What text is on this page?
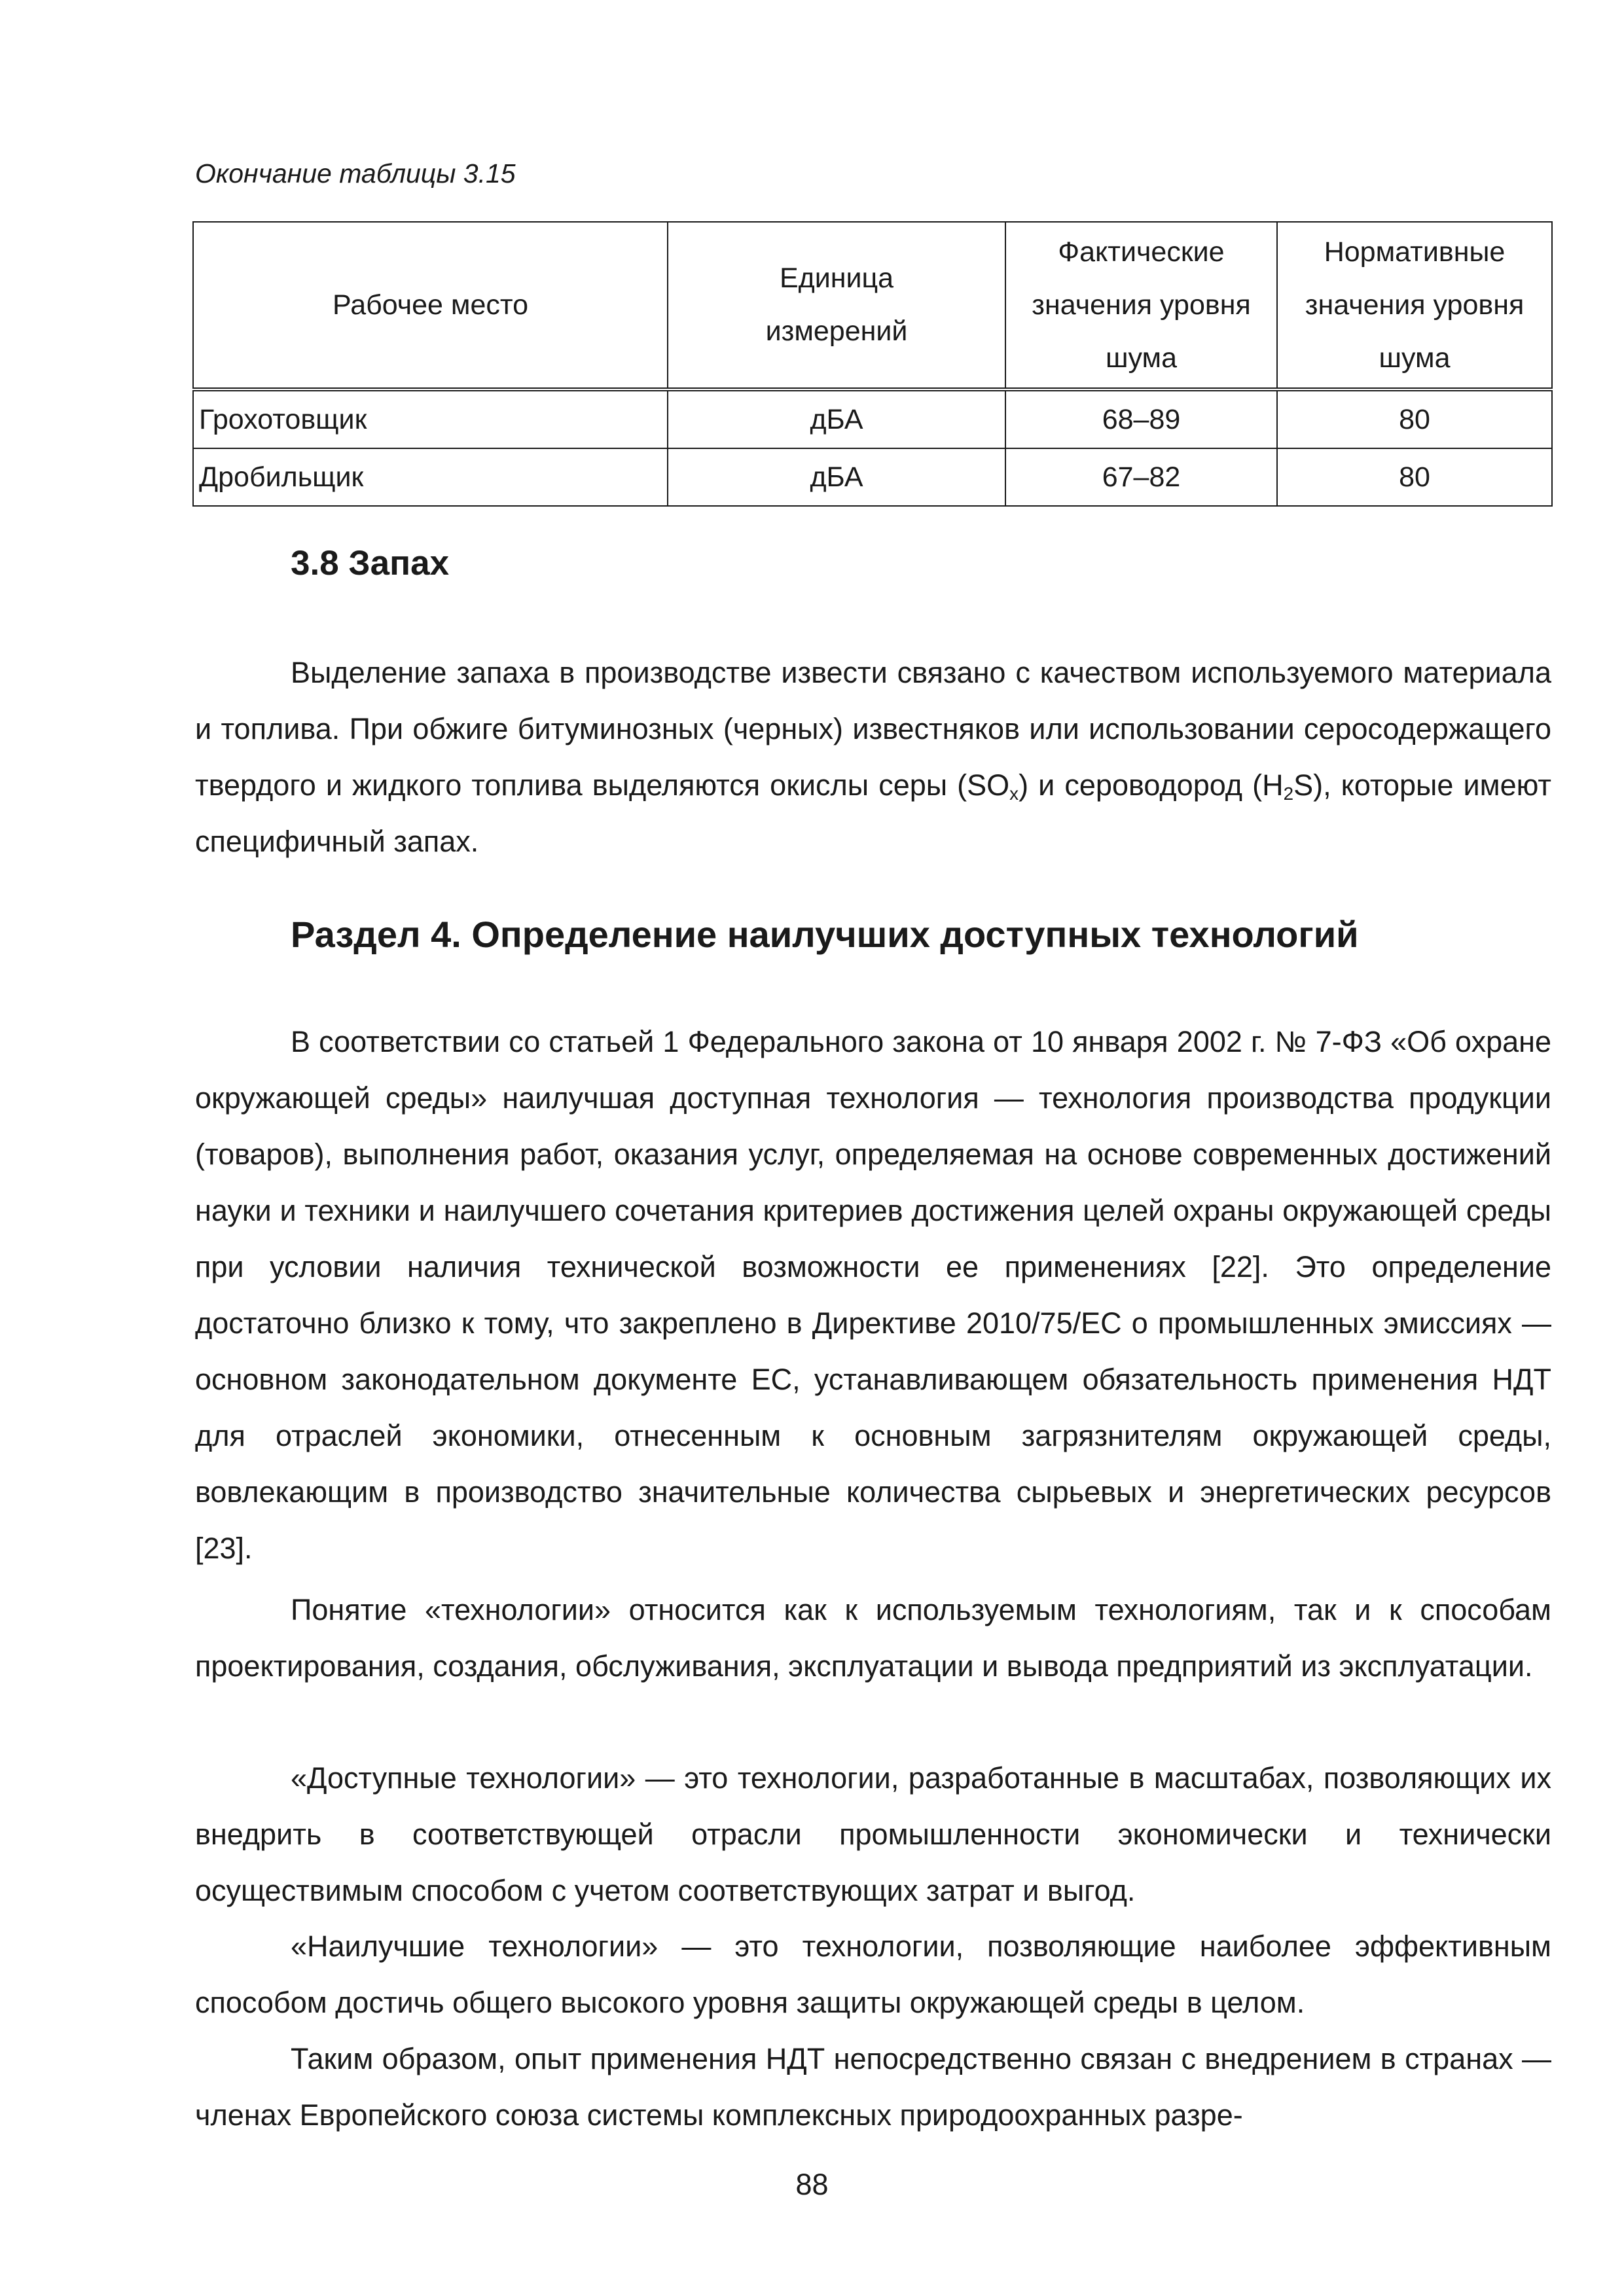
Окончание таблицы 3.15
Рабочее место	Единица измерений	Фактические значения уровня шума	Нормативные значения уровня шума
Грохотовщик	дБА	68–89	80
Дробильщик	дБА	67–82	80
3.8 Запах

Выделение запаха в производстве извести связано с качеством используемого материала и топлива. При обжиге битуминозных (черных) известняков или использовании серосодержащего твердого и жидкого топлива выделяются окислы серы $(SO_x)$ и сероводород $(H_2S)$, которые имеют специфичный запах.

Раздел 4. Определение наилучших доступных технологий

В соответствии со статьей 1 Федерального закона от 10 января 2002 г. № 7-ФЗ «Об охране окружающей среды» наилучшая доступная технология — технология производства продукции (товаров), выполнения работ, оказания услуг, определяемая на основе современных достижений науки и техники и наилучшего сочетания критериев достижения целей охраны окружающей среды при условии наличия технической возможности ее применениях [22]. Это определение достаточно близко к тому, что закреплено в Директиве 2010/75/ЕС о промышленных эмиссиях — основном законодательном документе ЕС, устанавливающем обязательность применения НДТ для отраслей экономики, отнесенным к основным загрязнителям окружающей среды, вовлекающим в производство значительные количества сырьевых и энергетических ресурсов [23].

Понятие «технологии» относится как к используемым технологиям, так и к способам проектирования, создания, обслуживания, эксплуатации и вывода предприятий из эксплуатации.

«Доступные технологии» — это технологии, разработанные в масштабах, позволяющих их внедрить в соответствующей отрасли промышленности экономически и технически осуществимым способом с учетом соответствующих затрат и выгод.

«Наилучшие технологии» — это технологии, позволяющие наиболее эффективным способом достичь общего высокого уровня защиты окружающей среды в целом.

Таким образом, опыт применения НДТ непосредственно связан с внедрением в странах — членах Европейского союза системы комплексных природоохранных разре-

88
